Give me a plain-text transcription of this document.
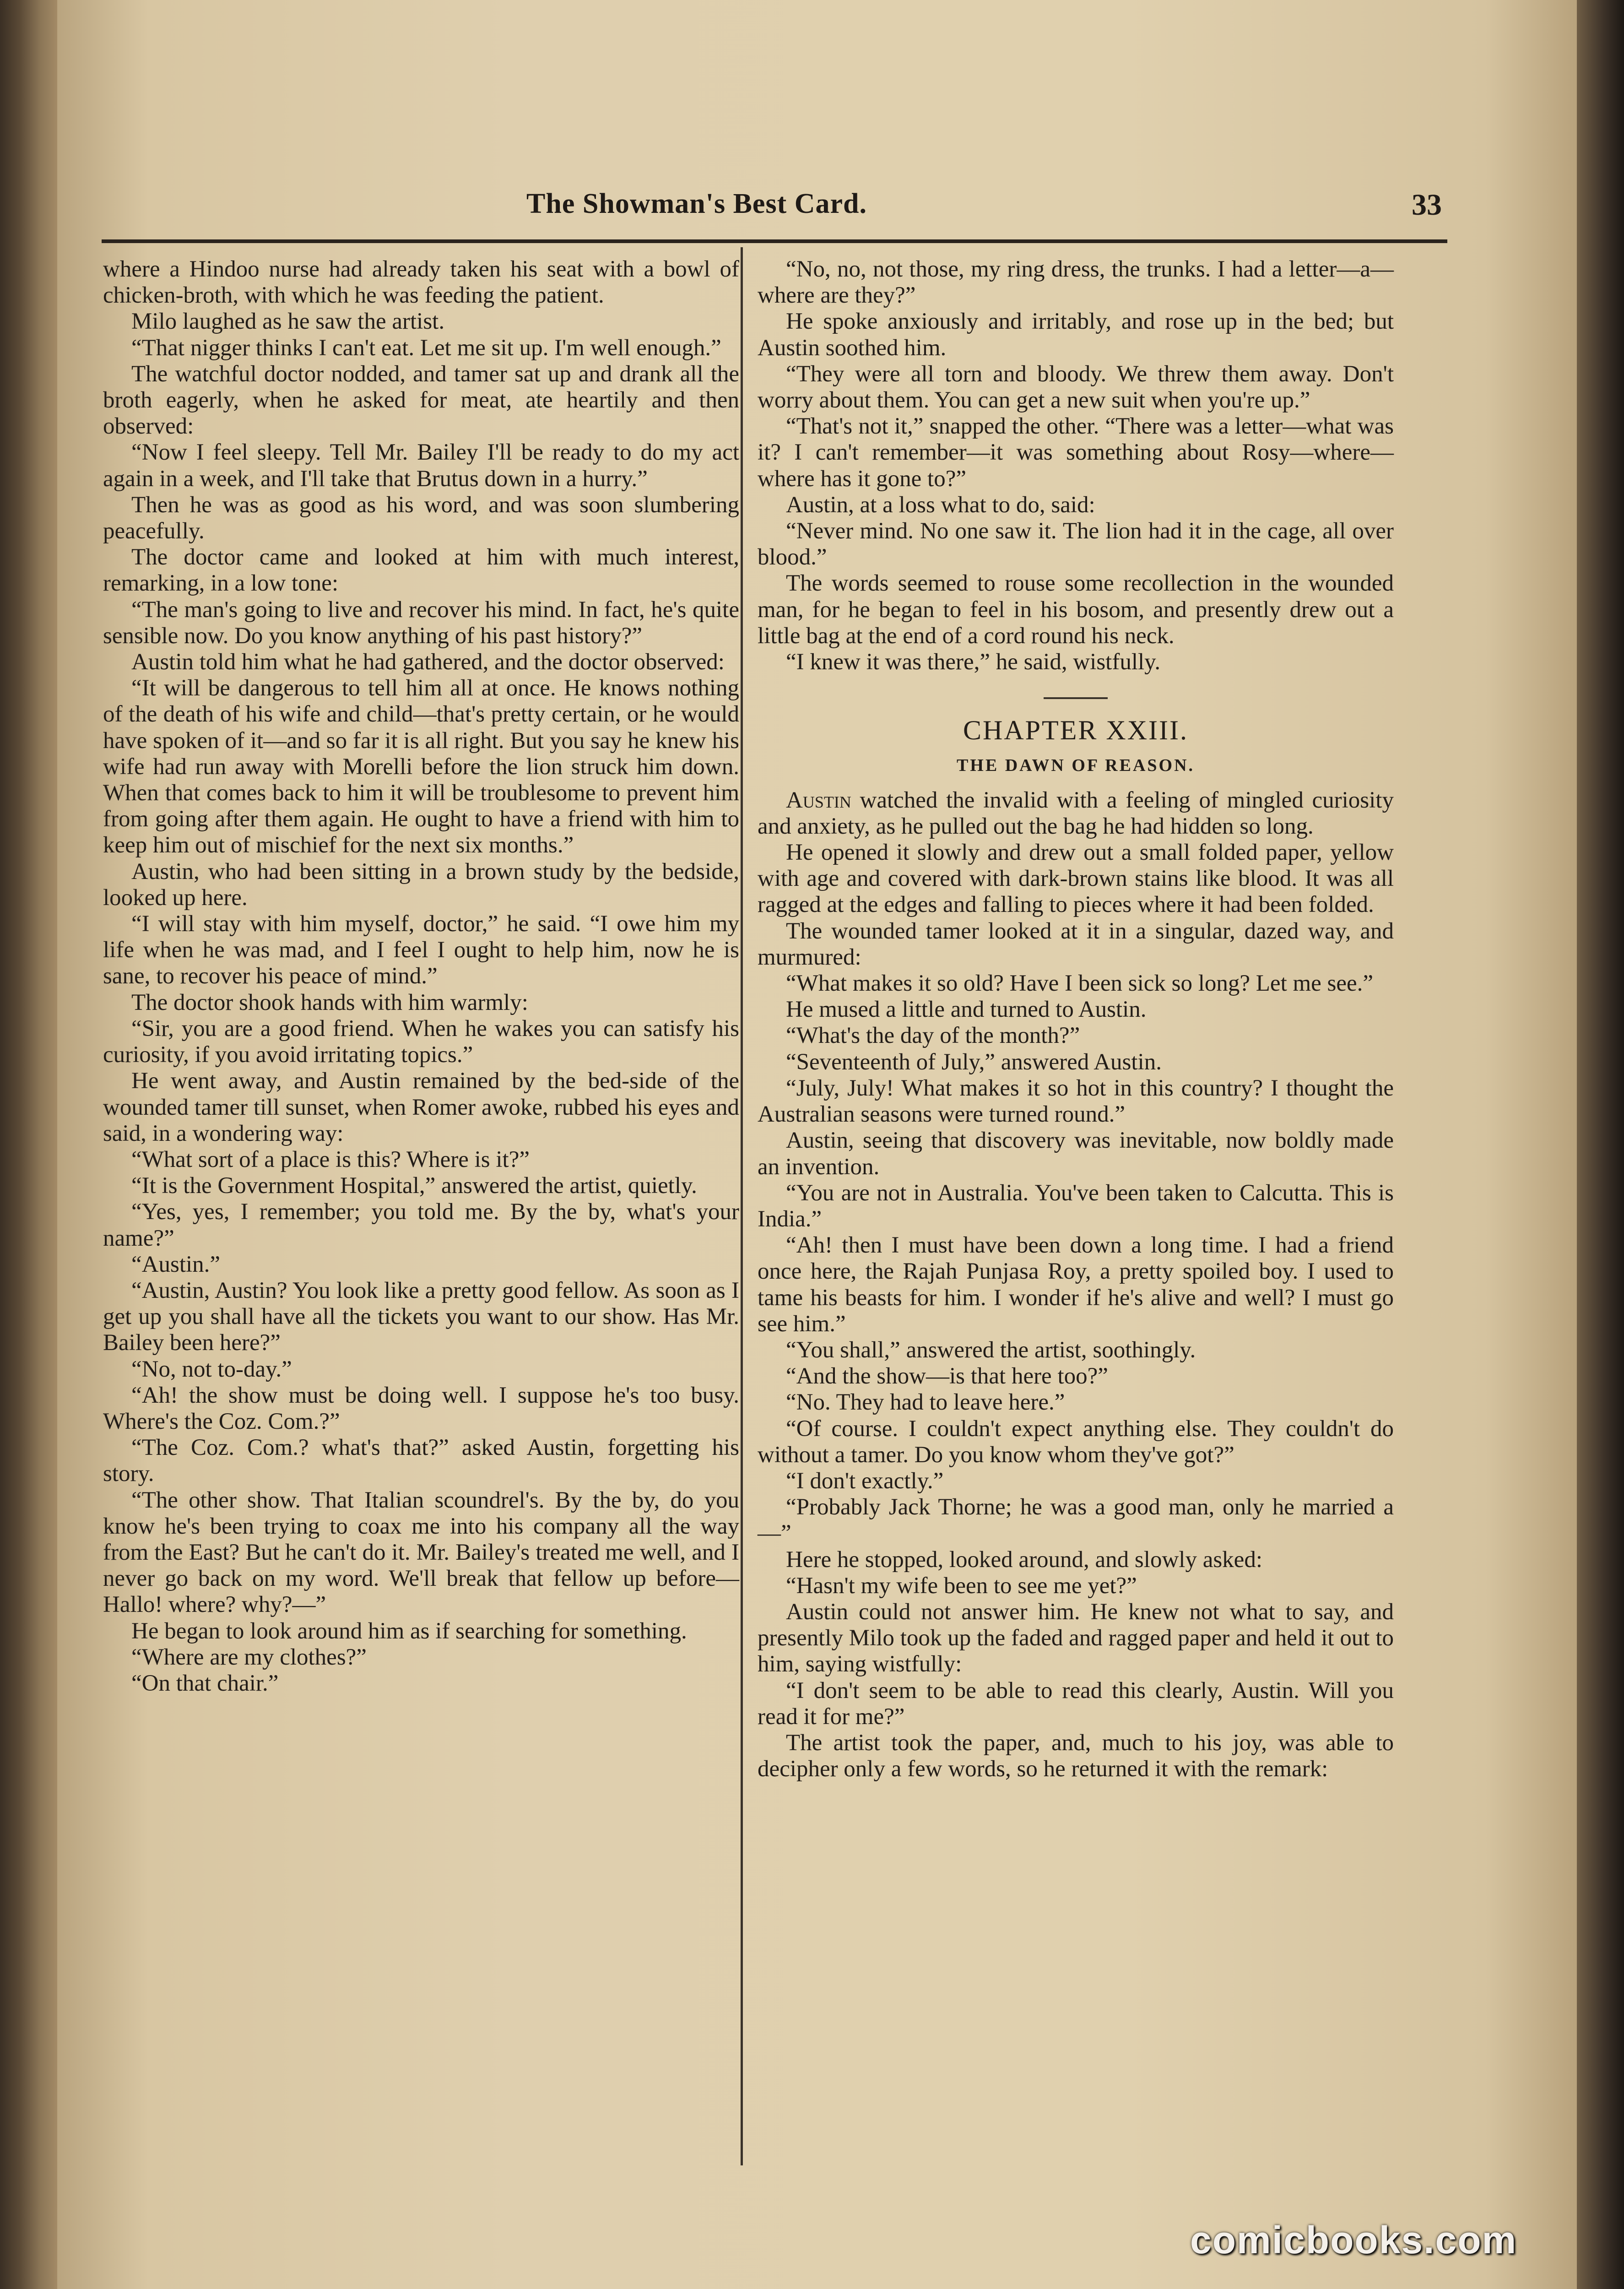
The Showman's Best Card.	33

where a Hindoo nurse had already taken his seat with a bowl of chicken-broth, with which he was feeding the patient.

Milo laughed as he saw the artist.

“That nigger thinks I can't eat. Let me sit up. I'm well enough.”

The watchful doctor nodded, and tamer sat up and drank all the broth eagerly, when he asked for meat, ate heartily and then observed:

“Now I feel sleepy. Tell Mr. Bailey I'll be ready to do my act again in a week, and I'll take that Brutus down in a hurry.”

Then he was as good as his word, and was soon slumbering peacefully.

The doctor came and looked at him with much interest, remarking, in a low tone:

“The man's going to live and recover his mind. In fact, he's quite sensible now. Do you know anything of his past history?”

Austin told him what he had gathered, and the doctor observed:

“It will be dangerous to tell him all at once. He knows nothing of the death of his wife and child—that's pretty certain, or he would have spoken of it—and so far it is all right. But you say he knew his wife had run away with Morelli before the lion struck him down. When that comes back to him it will be troublesome to prevent him from going after them again. He ought to have a friend with him to keep him out of mischief for the next six months.”

Austin, who had been sitting in a brown study by the bedside, looked up here.

“I will stay with him myself, doctor,” he said. “I owe him my life when he was mad, and I feel I ought to help him, now he is sane, to recover his peace of mind.”

The doctor shook hands with him warmly:

“Sir, you are a good friend. When he wakes you can satisfy his curiosity, if you avoid irritating topics.”

He went away, and Austin remained by the bed-side of the wounded tamer till sunset, when Romer awoke, rubbed his eyes and said, in a wondering way:

“What sort of a place is this? Where is it?”

“It is the Government Hospital,” answered the artist, quietly.

“Yes, yes, I remember; you told me. By the by, what's your name?”

“Austin.”

“Austin, Austin? You look like a pretty good fellow. As soon as I get up you shall have all the tickets you want to our show. Has Mr. Bailey been here?”

“No, not to-day.”

“Ah! the show must be doing well. I suppose he's too busy. Where's the Coz. Com.?”

“The Coz. Com.? what's that?” asked Austin, forgetting his story.

“The other show. That Italian scoundrel's. By the by, do you know he's been trying to coax me into his company all the way from the East? But he can't do it. Mr. Bailey's treated me well, and I never go back on my word. We'll break that fellow up before— Hallo! where? why?—”

He began to look around him as if searching for something.

“Where are my clothes?”

“On that chair.”

“No, no, not those, my ring dress, the trunks. I had a letter—a—where are they?”

He spoke anxiously and irritably, and rose up in the bed; but Austin soothed him.

“They were all torn and bloody. We threw them away. Don't worry about them. You can get a new suit when you're up.”

“That's not it,” snapped the other. “There was a letter—what was it? I can't remember—it was something about Rosy—where—where has it gone to?”

Austin, at a loss what to do, said:

“Never mind. No one saw it. The lion had it in the cage, all over blood.”

The words seemed to rouse some recollection in the wounded man, for he began to feel in his bosom, and presently drew out a little bag at the end of a cord round his neck.

“I knew it was there,” he said, wistfully.

CHAPTER XXIII.
THE DAWN OF REASON.

Austin watched the invalid with a feeling of mingled curiosity and anxiety, as he pulled out the bag he had hidden so long.

He opened it slowly and drew out a small folded paper, yellow with age and covered with dark-brown stains like blood. It was all ragged at the edges and falling to pieces where it had been folded.

The wounded tamer looked at it in a singular, dazed way, and murmured:

“What makes it so old? Have I been sick so long? Let me see.”

He mused a little and turned to Austin.

“What's the day of the month?”

“Seventeenth of July,” answered Austin.

“July, July! What makes it so hot in this country? I thought the Australian seasons were turned round.”

Austin, seeing that discovery was inevitable, now boldly made an invention.

“You are not in Australia. You've been taken to Calcutta. This is India.”

“Ah! then I must have been down a long time. I had a friend once here, the Rajah Punjasa Roy, a pretty spoiled boy. I used to tame his beasts for him. I wonder if he's alive and well? I must go see him.”

“You shall,” answered the artist, soothingly.

“And the show—is that here too?”

“No. They had to leave here.”

“Of course. I couldn't expect anything else. They couldn't do without a tamer. Do you know whom they've got?”

“I don't exactly.”

“Probably Jack Thorne; he was a good man, only he married a—”

Here he stopped, looked around, and slowly asked:

“Hasn't my wife been to see me yet?”

Austin could not answer him. He knew not what to say, and presently Milo took up the faded and ragged paper and held it out to him, saying wistfully:

“I don't seem to be able to read this clearly, Austin. Will you read it for me?”

The artist took the paper, and, much to his joy, was able to decipher only a few words, so he returned it with the remark:

comicbooks.com
